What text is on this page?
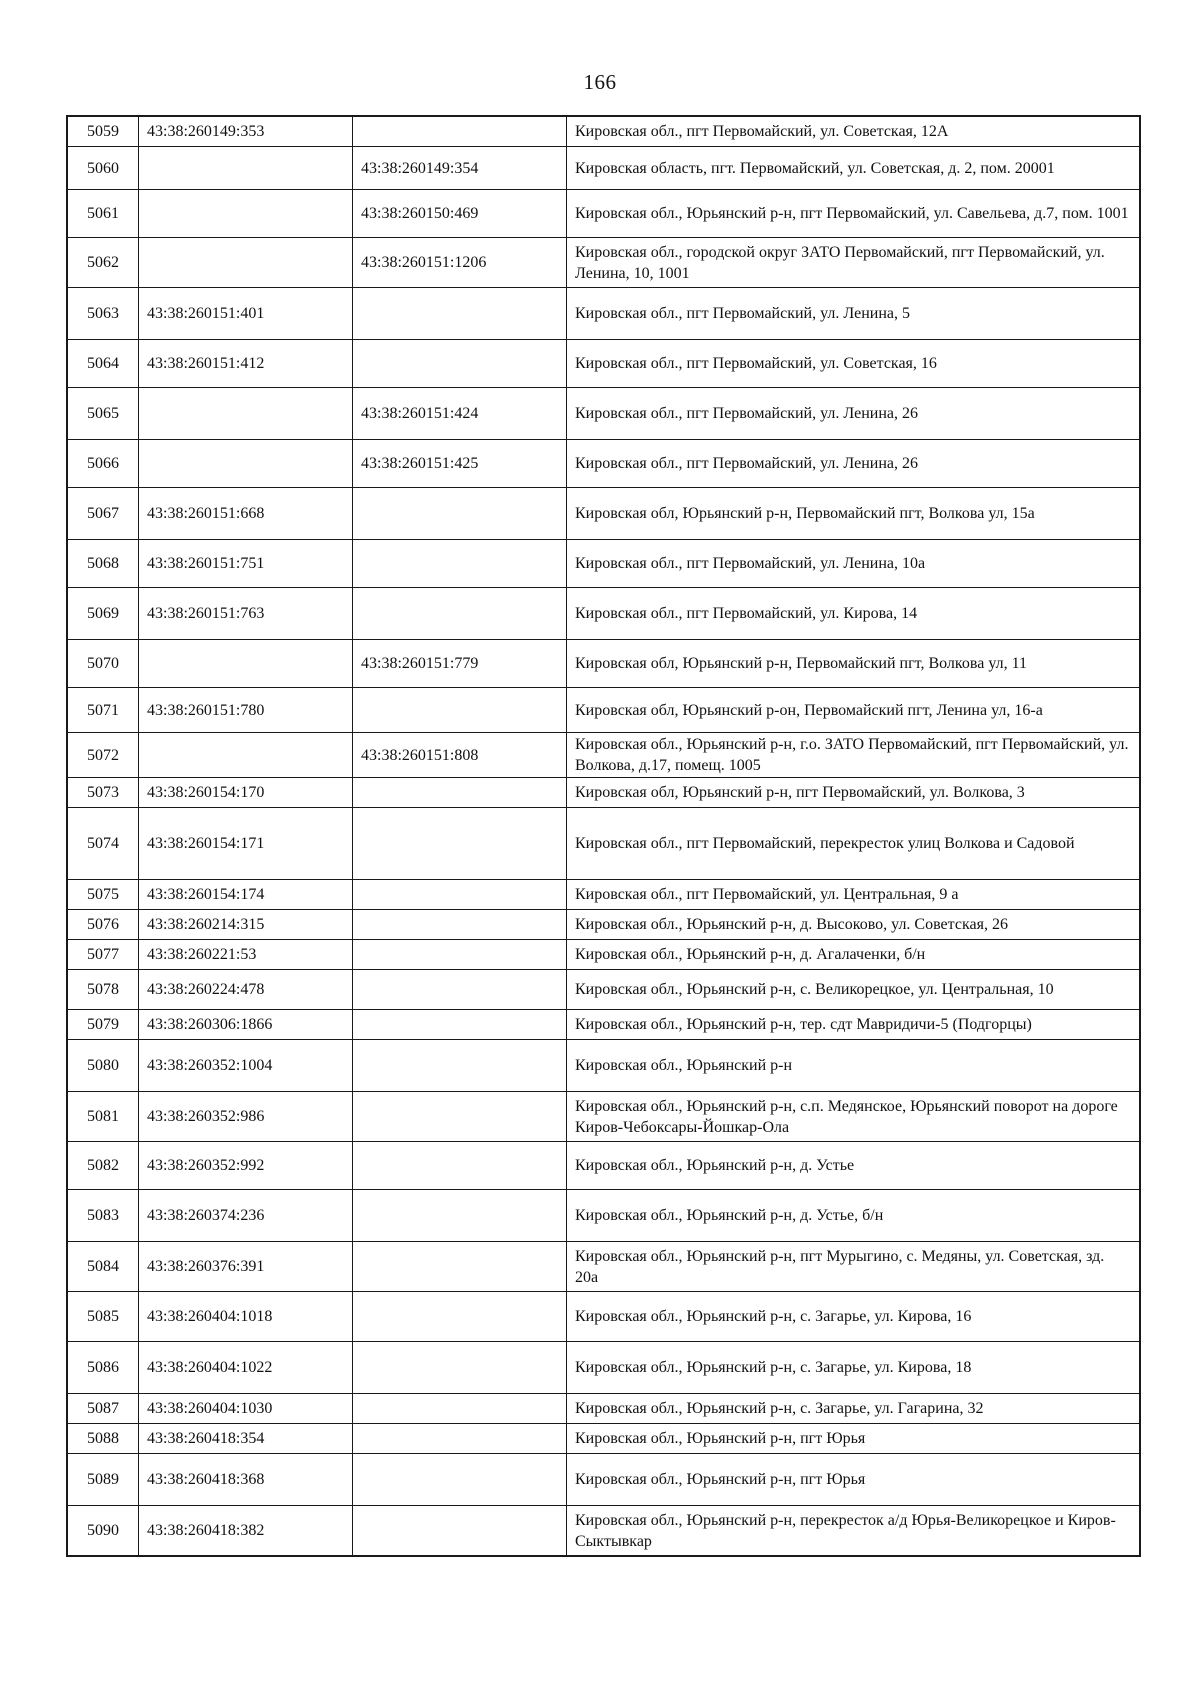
166
5059	43:38:260149:353		Кировская обл., пгт Первомайский, ул. Советская, 12А
5060		43:38:260149:354	Кировская область, пгт. Первомайский, ул. Советская, д. 2, пом. 20001
5061		43:38:260150:469	Кировская обл., Юрьянский р-н, пгт Первомайский, ул. Савельева, д.7, пом. 1001
5062		43:38:260151:1206	Кировская обл., городской округ ЗАТО Первомайский, пгт Первомайский, ул. Ленина, 10, 1001
5063	43:38:260151:401		Кировская обл., пгт Первомайский, ул. Ленина, 5
5064	43:38:260151:412		Кировская обл., пгт Первомайский, ул. Советская, 16
5065		43:38:260151:424	Кировская обл., пгт Первомайский, ул. Ленина, 26
5066		43:38:260151:425	Кировская обл., пгт Первомайский, ул. Ленина, 26
5067	43:38:260151:668		Кировская обл, Юрьянский р-н, Первомайский пгт, Волкова ул, 15а
5068	43:38:260151:751		Кировская обл., пгт Первомайский, ул. Ленина, 10а
5069	43:38:260151:763		Кировская обл., пгт Первомайский, ул. Кирова, 14
5070		43:38:260151:779	Кировская обл, Юрьянский р-н, Первомайский пгт, Волкова ул, 11
5071	43:38:260151:780		Кировская обл, Юрьянский р-он, Первомайский пгт, Ленина ул, 16-а
5072		43:38:260151:808	Кировская обл., Юрьянский р-н, г.о. ЗАТО Первомайский, пгт Первомайский, ул. Волкова, д.17, помещ. 1005
5073	43:38:260154:170		Кировская обл, Юрьянский р-н, пгт Первомайский, ул. Волкова, 3
5074	43:38:260154:171		Кировская обл., пгт Первомайский, перекресток улиц Волкова и Садовой
5075	43:38:260154:174		Кировская обл., пгт Первомайский, ул. Центральная, 9 а
5076	43:38:260214:315		Кировская обл., Юрьянский р-н, д. Высоково, ул. Советская, 26
5077	43:38:260221:53		Кировская обл., Юрьянский р-н, д. Агалаченки, б/н
5078	43:38:260224:478		Кировская обл., Юрьянский р-н, с. Великорецкое, ул. Центральная, 10
5079	43:38:260306:1866		Кировская обл., Юрьянский р-н, тер. сдт Мавридичи-5 (Подгорцы)
5080	43:38:260352:1004		Кировская обл., Юрьянский р-н
5081	43:38:260352:986		Кировская обл., Юрьянский р-н, с.п. Медянское, Юрьянский поворот на дороге Киров-Чебоксары-Йошкар-Ола
5082	43:38:260352:992		Кировская обл., Юрьянский р-н, д. Устье
5083	43:38:260374:236		Кировская обл., Юрьянский р-н, д. Устье, б/н
5084	43:38:260376:391		Кировская обл., Юрьянский р-н, пгт Мурыгино, с. Медяны, ул. Советская, зд. 20а
5085	43:38:260404:1018		Кировская обл., Юрьянский р-н, с. Загарье, ул. Кирова, 16
5086	43:38:260404:1022		Кировская обл., Юрьянский р-н, с. Загарье, ул. Кирова, 18
5087	43:38:260404:1030		Кировская обл., Юрьянский р-н, с. Загарье, ул. Гагарина, 32
5088	43:38:260418:354		Кировская обл., Юрьянский р-н, пгт Юрья
5089	43:38:260418:368		Кировская обл., Юрьянский р-н, пгт Юрья
5090	43:38:260418:382		Кировская обл., Юрьянский р-н, перекресток а/д Юрья-Великорецкое и Киров-Сыктывкар
